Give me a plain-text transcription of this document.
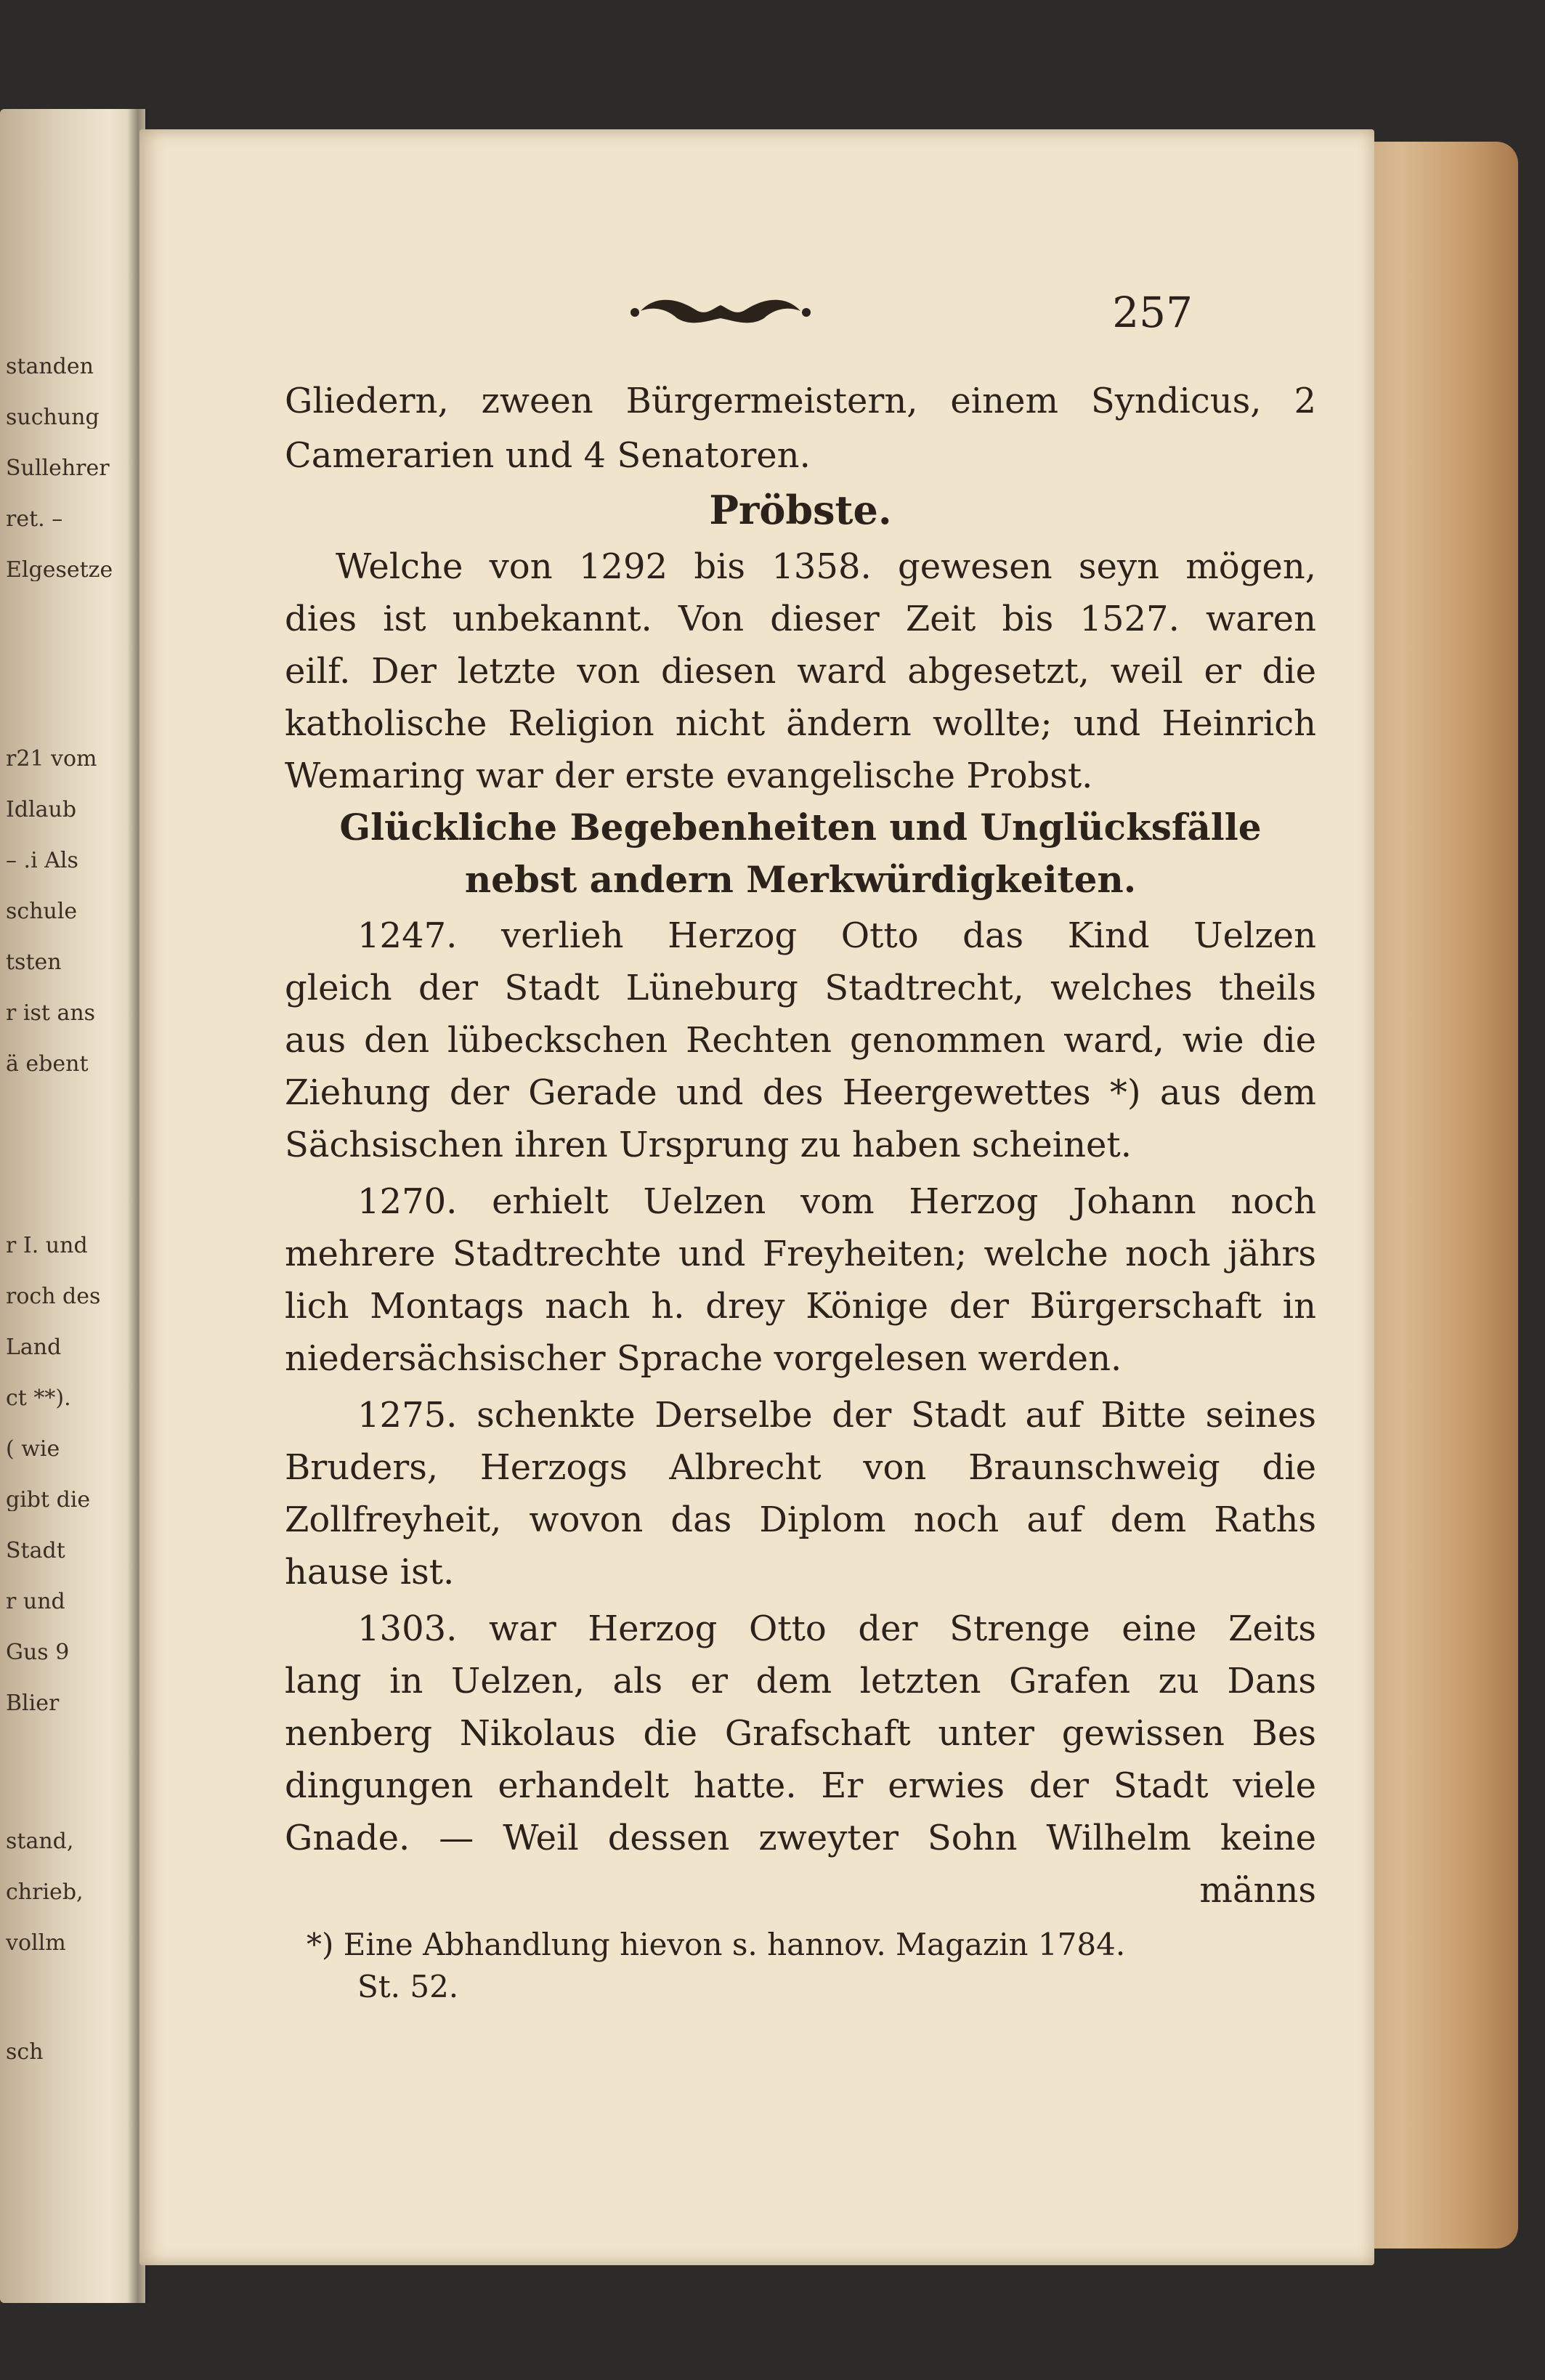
standen
suchung
Sullehrer
ret. –
Elgesetze
r21 vom
Idlaub
– .i Als
schule
tsten
r ist ans
ä ebent
r I. und
roch des
Land
ct **).
( wie
gibt die
Stadt
r und
Gus 9
Blier
stand,
chrieb,
vollm
sch
257
Gliedern, zween Bürgermeistern, einem Syndicus, 2
Camerarien und 4 Senatoren.
Pröbste.
Welche von 1292 bis 1358. gewesen seyn mögen,
dies ist unbekannt. Von dieser Zeit bis 1527. waren
eilf. Der letzte von diesen ward abgesetzt, weil er die
katholische Religion nicht ändern wollte; und Heinrich
Wemaring war der erste evangelische Probst.
Glückliche Begebenheiten und Unglücksfälle
nebst andern Merkwürdigkeiten.
1247. verlieh Herzog Otto das Kind Uelzen
gleich der Stadt Lüneburg Stadtrecht, welches theils
aus den lübeckschen Rechten genommen ward, wie die
Ziehung der Gerade und des Heergewettes *) aus dem
Sächsischen ihren Ursprung zu haben scheinet.
1270. erhielt Uelzen vom Herzog Johann noch
mehrere Stadtrechte und Freyheiten; welche noch jährs
lich Montags nach h. drey Könige der Bürgerschaft in
niedersächsischer Sprache vorgelesen werden.
1275. schenkte Derselbe der Stadt auf Bitte seines
Bruders, Herzogs Albrecht von Braunschweig die
Zollfreyheit, wovon das Diplom noch auf dem Raths
hause ist.
1303. war Herzog Otto der Strenge eine Zeits
lang in Uelzen, als er dem letzten Grafen zu Dans
nenberg Nikolaus die Grafschaft unter gewissen Bes
dingungen erhandelt hatte. Er erwies der Stadt viele
Gnade. — Weil dessen zweyter Sohn Wilhelm keine
männs
*) Eine Abhandlung hievon s. hannov. Magazin 1784.
St. 52.
